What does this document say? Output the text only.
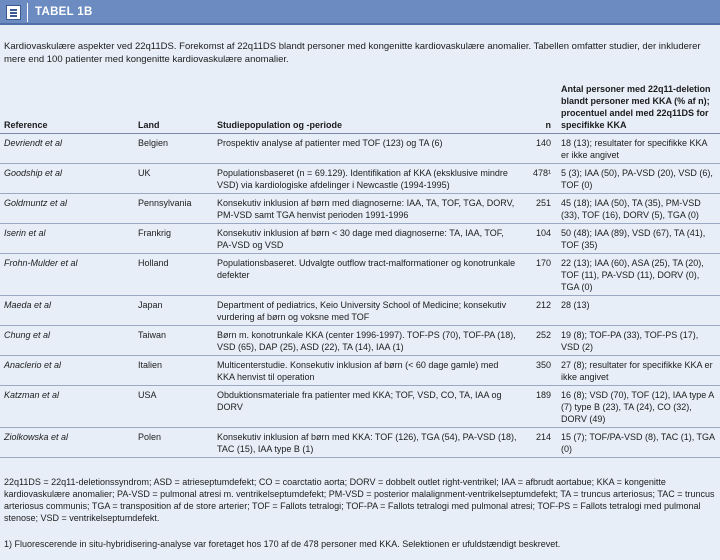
TABEL 1B
Kardiovaskulære aspekter ved 22q11DS. Forekomst af 22q11DS blandt personer med kongenitte kardiovaskulære anomalier. Tabellen omfatter studier, der inkluderer mere end 100 patienter med kongenitte kardiovaskulære anomalier.
Reference	Land	Studiepopulation og -periode	n	Antal personer med 22q11-deletion blandt personer med KKA (% af n); procentuel andel med 22q11DS for specifikke KKA
Devriendt et al	Belgien	Prospektiv analyse af patienter med TOF (123) og TA (6)	140	18 (13); resultater for specifikke KKA er ikke angivet
Goodship et al	UK	Populationsbaseret (n = 69.129). Identifikation af KKA (eksklusive mindre VSD) via kardiologiske afdelinger i Newcastle (1994-1995)	478¹	5 (3); IAA (50), PA-VSD (20), VSD (6), TOF (0)
Goldmuntz et al	Pennsylvania	Konsekutiv inklusion af børn med diagnoserne: IAA, TA, TOF, TGA, DORV, PM-VSD samt TGA henvist perioden 1991-1996	251	45 (18); IAA (50), TA (35), PM-VSD (33), TOF (16), DORV (5), TGA (0)
Iserin et al	Frankrig	Konsekutiv inklusion af børn < 30 dage med diagnoserne: TA, IAA, TOF, PA-VSD og VSD	104	50 (48); IAA (89), VSD (67), TA (41), TOF (35)
Frohn-Mulder et al	Holland	Populationsbaseret. Udvalgte outflow tract-malformationer og konotrunkale defekter	170	22 (13); IAA (60), ASA (25), TA (20), TOF (11), PA-VSD (11), DORV (0), TGA (0)
Maeda et al	Japan	Department of pediatrics, Keio University School of Medicine; konsekutiv vurdering af børn og voksne med TOF	212	28 (13)
Chung et al	Taiwan	Børn m. konotrunkale KKA (center 1996-1997). TOF-PS (70), TOF-PA (18), VSD (65), DAP (25), ASD (22), TA (14), IAA (1)	252	19 (8); TOF-PA (33), TOF-PS (17), VSD (2)
Anaclerio et al	Italien	Multicenterstudie. Konsekutiv inklusion af børn (< 60 dage gamle) med KKA henvist til operation	350	27 (8); resultater for specifikke KKA er ikke angivet
Katzman et al	USA	Obduktionsmateriale fra patienter med KKA; TOF, VSD, CO, TA, IAA og DORV	189	16 (8); VSD (70), TOF (12), IAA type A (7) type B (23), TA (24), CO (32), DORV (49)
Ziolkowska et al	Polen	Konsekutiv inklusion af børn med KKA: TOF (126), TGA (54), PA-VSD (18), TAC (15), IAA type B (1)	214	15 (7); TOF/PA-VSD (8), TAC (1), TGA (0)
22q11DS = 22q11-deletionssyndrom; ASD = atrieseptumdefekt; CO = coarctatio aorta; DORV = dobbelt outlet right-ventrikel; IAA = afbrudt aortabue; KKA = kongenitte kardiovaskulære anomalier; PA-VSD = pulmonal atresi m. ventrikelseptumdefekt; PM-VSD = posterior malalignment-ventrikelseptumdefekt; TA = truncus arteriosus; TAC = truncus arteriosus communis; TGA = transposition af de store arterier; TOF = Fallots tetralogi; TOF-PA = Fallots tetralogi med pulmonal atresi; TOF-PS = Fallots tetralogi med pulmonal stenose; VSD = ventrikelseptumdefekt.
1) Fluorescerende in situ-hybridisering-analyse var foretaget hos 170 af de 478 personer med KKA. Selektionen er ufuldstændigt beskrevet.
